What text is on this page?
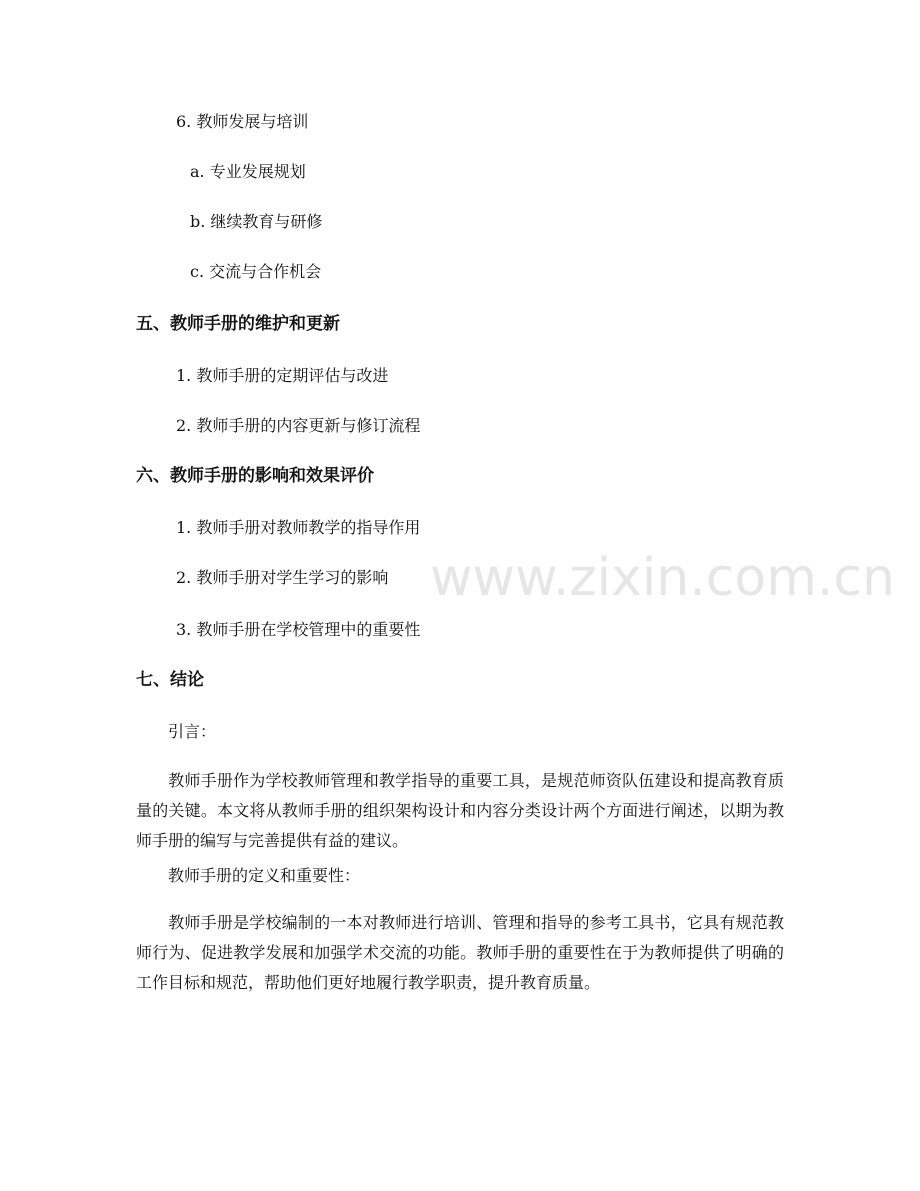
www.zixin.com.cn
6. 教师发展与培训
a. 专业发展规划
b. 继续教育与研修
c. 交流与合作机会
五、教师手册的维护和更新
1. 教师手册的定期评估与改进
2. 教师手册的内容更新与修订流程
六、教师手册的影响和效果评价
1. 教师手册对教师教学的指导作用
2. 教师手册对学生学习的影响
3. 教师手册在学校管理中的重要性
七、结论
引言：
教师手册作为学校教师管理和教学指导的重要工具，是规范师资队伍建设和提高教育质量的关键。本文将从教师手册的组织架构设计和内容分类设计两个方面进行阐述，以期为教师手册的编写与完善提供有益的建议。
教师手册的定义和重要性：
教师手册是学校编制的一本对教师进行培训、管理和指导的参考工具书，它具有规范教师行为、促进教学发展和加强学术交流的功能。教师手册的重要性在于为教师提供了明确的工作目标和规范，帮助他们更好地履行教学职责，提升教育质量。
